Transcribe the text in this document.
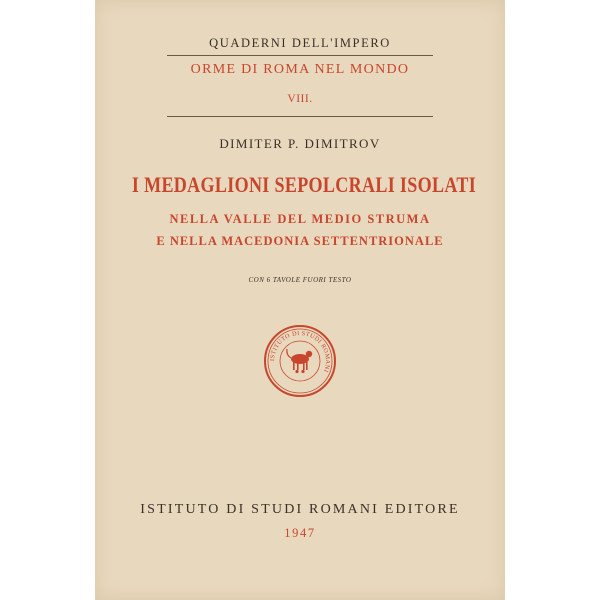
QUADERNI DELL'IMPERO
ORME DI ROMA NEL MONDO
VIII.
DIMITER P. DIMITROV
I MEDAGLIONI SEPOLCRALI ISOLATI
NELLA VALLE DEL MEDIO STRUMA
E NELLA MACEDONIA SETTENTRIONALE
CON 6 TAVOLE FUORI TESTO
ISTITUTO DI STUDI ROMANI
ISTITUTO DI STUDI ROMANI EDITORE
1947
